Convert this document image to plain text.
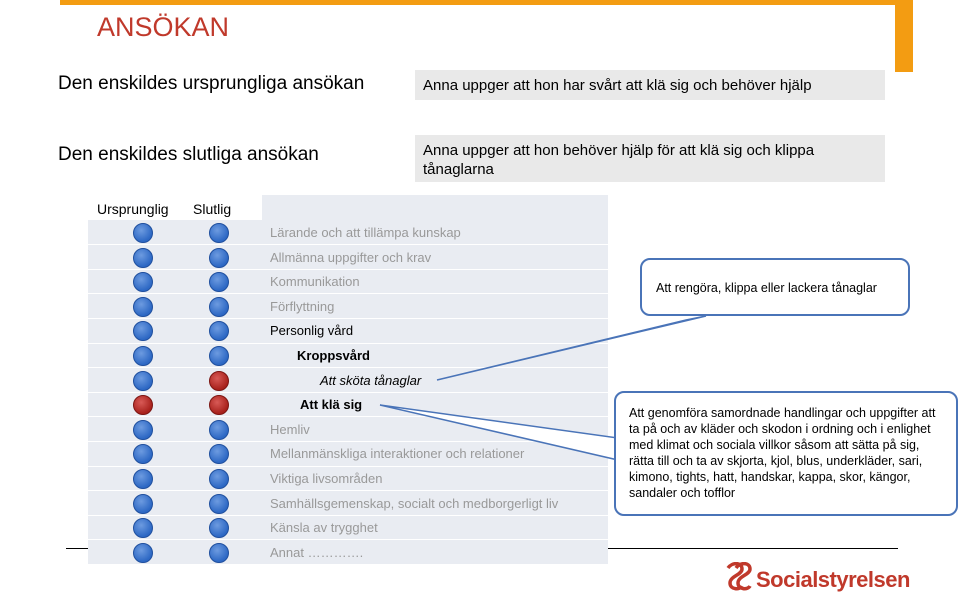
ANSÖKAN
Den enskildes ursprungliga ansökan	Anna uppger att hon har svårt att klä sig och behöver hjälp
Den enskildes slutliga ansökan	Anna uppger att hon behöver hjälp för att klä sig och klippa tånaglarna
Ursprunglig Slutlig
Lärande och att tillämpa kunskap
Allmänna uppgifter och krav
Kommunikation
Förflyttning
Personlig vård
Kroppsvård
Att sköta tånaglar
Att klä sig
Hemliv
Mellanmänskliga interaktioner och relationer
Viktiga livsområden
Samhällsgemenskap, socialt och medborgerligt liv
Känsla av trygghet
Annat ………….
Att rengöra, klippa eller lackera tånaglar
Att genomföra samordnade handlingar och uppgifter att ta på och av kläder och skodon i ordning och i enlighet med klimat och sociala villkor såsom att sätta på sig, rätta till och ta av skjorta, kjol, blus, underkläder, sari, kimono, tights, hatt, handskar, kappa, skor, kängor, sandaler och tofflor
Socialstyrelsen
